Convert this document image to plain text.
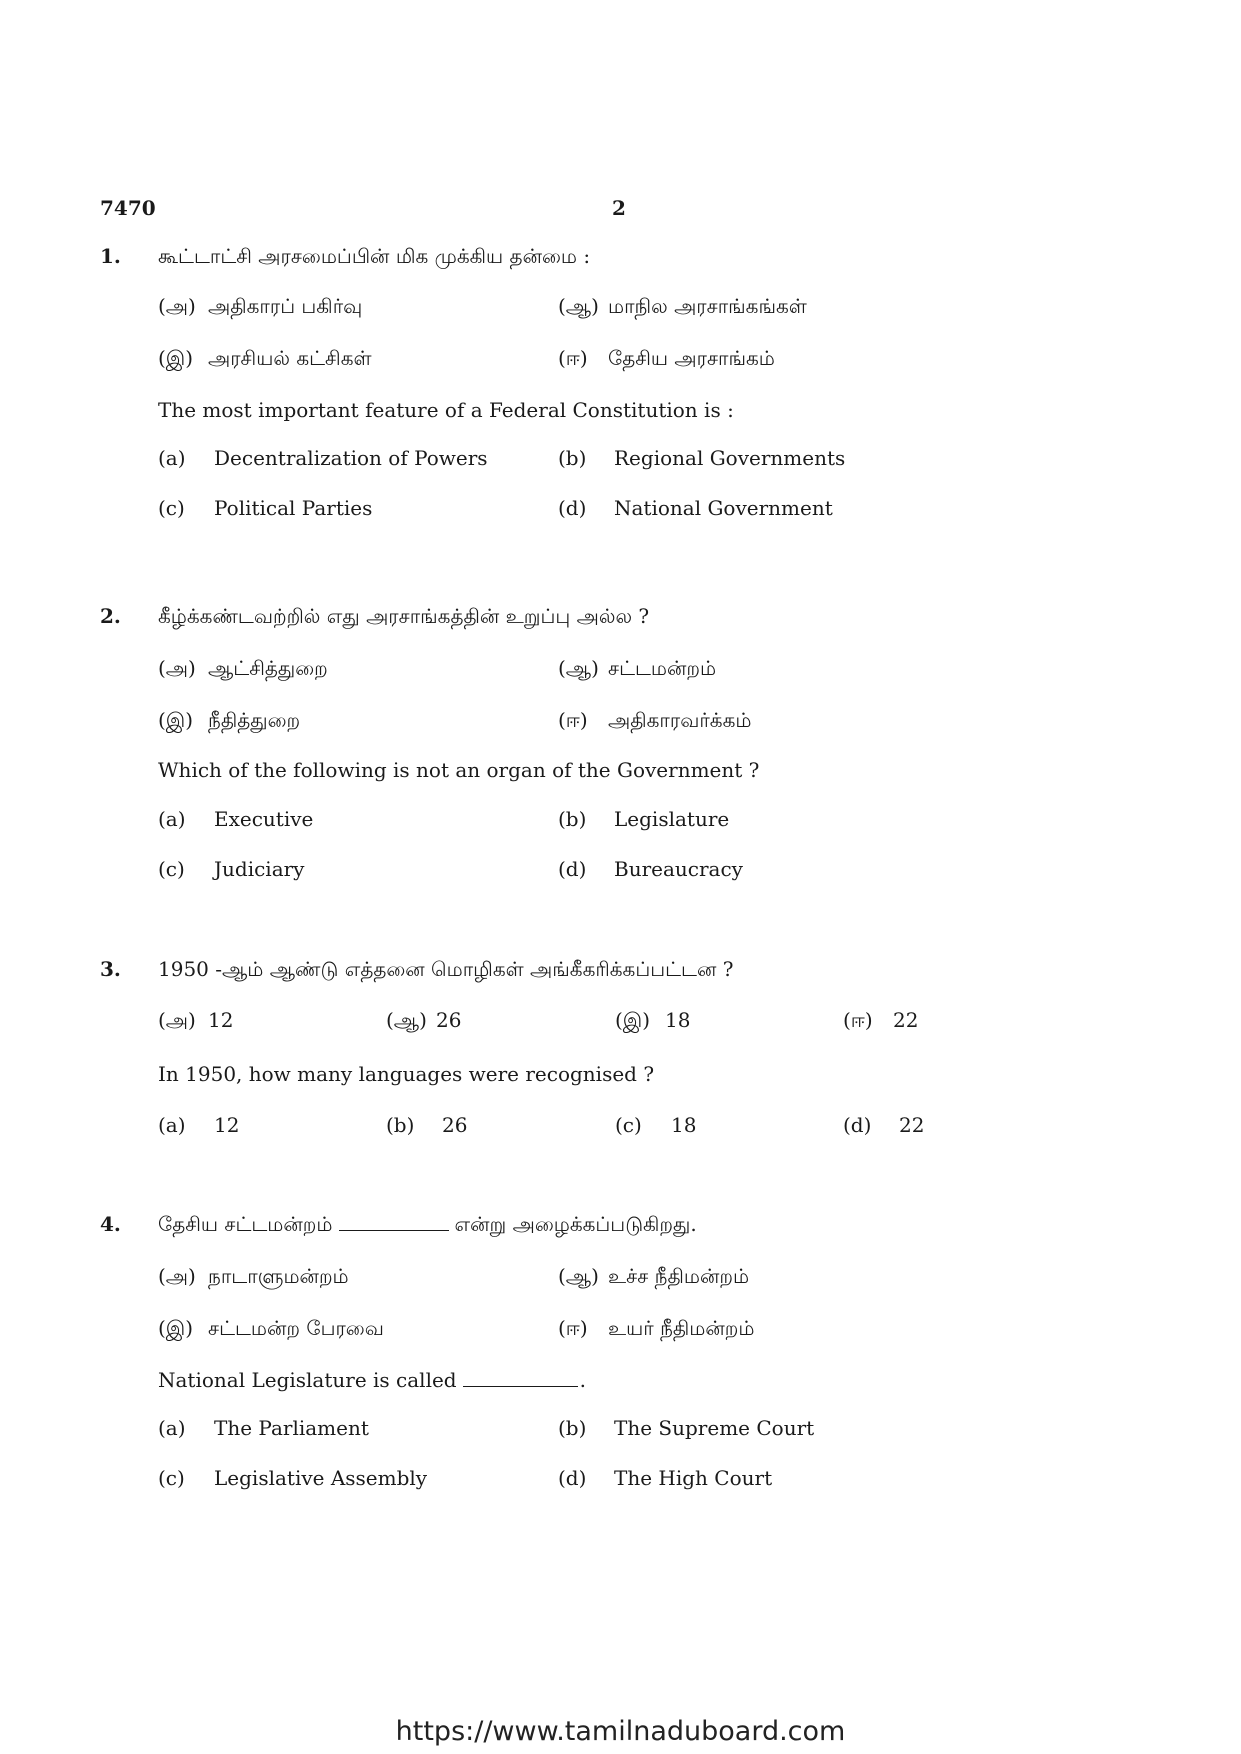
7470	2
1. கூட்டாட்சி அரசமைப்பின் மிக முக்கிய தன்மை :
(அ) அதிகாரப் பகிர்வு	(ஆ) மாநில அரசாங்கங்கள்
(இ) அரசியல் கட்சிகள்	(ஈ) தேசிய அரசாங்கம்
The most important feature of a Federal Constitution is :
(a) Decentralization of Powers	(b) Regional Governments
(c) Political Parties	(d) National Government
2. கீழ்க்கண்டவற்றில் எது அரசாங்கத்தின் உறுப்பு அல்ல ?
(அ) ஆட்சித்துறை	(ஆ) சட்டமன்றம்
(இ) நீதித்துறை	(ஈ) அதிகாரவர்க்கம்
Which of the following is not an organ of the Government ?
(a) Executive	(b) Legislature
(c) Judiciary	(d) Bureaucracy
3. 1950 -ஆம் ஆண்டு எத்தனை மொழிகள் அங்கீகரிக்கப்பட்டன ?
(அ) 12	(ஆ) 26	(இ) 18	(ஈ) 22
In 1950, how many languages were recognised ?
(a) 12	(b) 26	(c) 18	(d) 22
4. தேசிய சட்டமன்றம்	என்று அழைக்கப்படுகிறது.
(அ) நாடாளுமன்றம்	(ஆ) உச்ச நீதிமன்றம்
(இ) சட்டமன்ற பேரவை	(ஈ) உயர் நீதிமன்றம்
National Legislature is called	.
(a) The Parliament	(b) The Supreme Court
(c) Legislative Assembly	(d) The High Court
https://www.tamilnaduboard.com
